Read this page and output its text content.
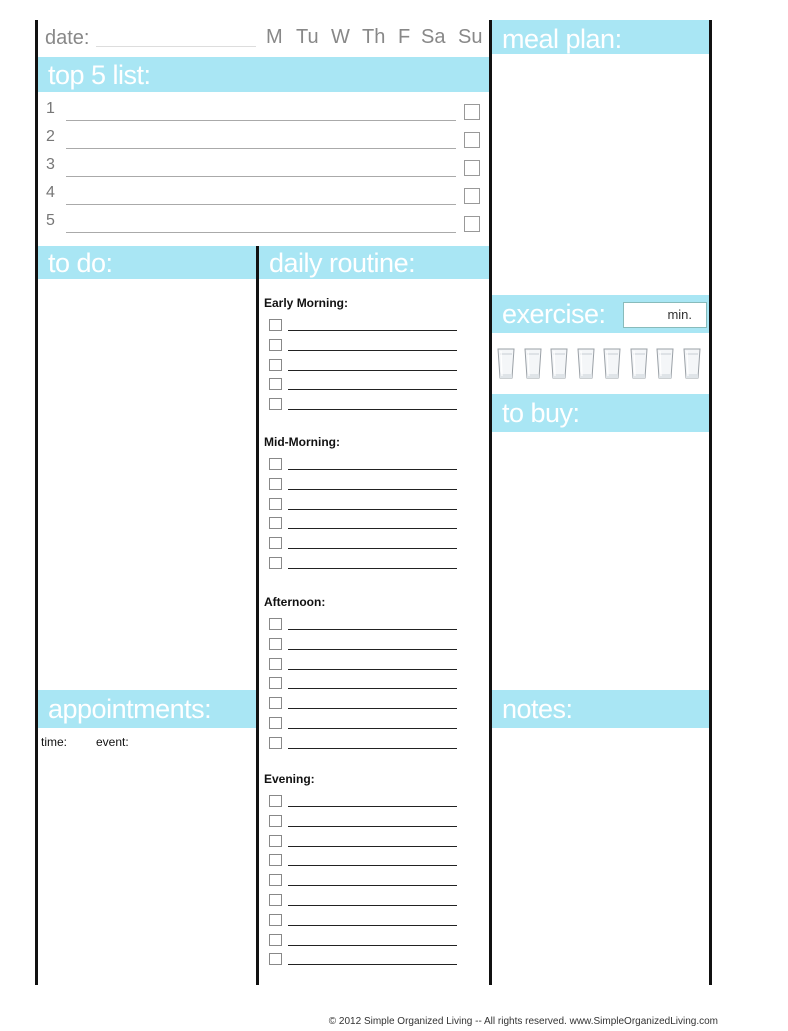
date:	M Tu W Th F Sa Su meal plan:
top 5 list:
1
2
3
4
5
to do:	daily routine:
exercise:	min.
to buy:
appointments:
time: event:
notes:
Early Morning:
Mid-Morning:
Afternoon:
Evening:
© 2012 Simple Organized Living -- All rights reserved. www.SimpleOrganizedLiving.com
